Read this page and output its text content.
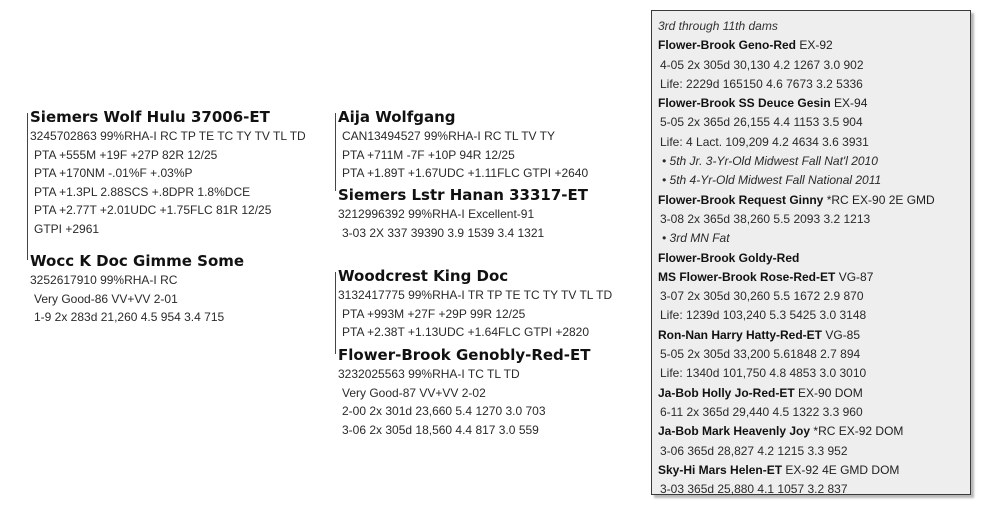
Siemers Wolf Hulu 37006-ET
3245702863 99%RHA-I RC TP TE TC TY TV TL TD
PTA +555M +19F +27P 82R 12/25
PTA +170NM -.01%F +.03%P
PTA +1.3PL 2.88SCS +.8DPR 1.8%DCE
PTA +2.77T +2.01UDC +1.75FLC 81R 12/25
GTPI +2961
Wocc K Doc Gimme Some
3252617910 99%RHA-I RC
Very Good-86 VV+VV 2-01
1-9 2x 283d 21,260 4.5 954 3.4 715
Aija Wolfgang
CAN13494527 99%RHA-I RC TL TV TY
PTA +711M -7F +10P 94R 12/25
PTA +1.89T +1.67UDC +1.11FLC GTPI +2640
Siemers Lstr Hanan 33317-ET
3212996392 99%RHA-I Excellent-91
3-03 2X 337 39390 3.9 1539 3.4 1321
Woodcrest King Doc
3132417775 99%RHA-I TR TP TE TC TY TV TL TD
PTA +993M +27F +29P 99R 12/25
PTA +2.38T +1.13UDC +1.64FLC GTPI +2820
Flower-Brook Genobly-Red-ET
3232025563 99%RHA-I TC TL TD
Very Good-87 VV+VV 2-02
2-00 2x 301d 23,660 5.4 1270 3.0 703
3-06 2x 305d 18,560 4.4 817 3.0 559
3rd through 11th dams
Flower-Brook Geno-Red EX-92
4-05 2x 305d 30,130 4.2 1267 3.0 902
Life: 2229d 165150 4.6 7673 3.2 5336
Flower-Brook SS Deuce Gesin EX-94
5-05 2x 365d 26,155 4.4 1153 3.5 904
Life: 4 Lact. 109,209 4.2 4634 3.6 3931
• 5th Jr. 3-Yr-Old Midwest Fall Nat'l 2010
• 5th 4-Yr-Old Midwest Fall National 2011
Flower-Brook Request Ginny *RC EX-90 2E GMD
3-08 2x 365d 38,260 5.5 2093 3.2 1213
• 3rd MN Fat
Flower-Brook Goldy-Red
MS Flower-Brook Rose-Red-ET VG-87
3-07 2x 305d 30,260 5.5 1672 2.9 870
Life: 1239d 103,240 5.3 5425 3.0 3148
Ron-Nan Harry Hatty-Red-ET VG-85
5-05 2x 305d 33,200 5.61848 2.7 894
Life: 1340d 101,750 4.8 4853 3.0 3010
Ja-Bob Holly Jo-Red-ET EX-90 DOM
6-11 2x 365d 29,440 4.5 1322 3.3 960
Ja-Bob Mark Heavenly Joy *RC EX-92 DOM
3-06 365d 28,827 4.2 1215 3.3 952
Sky-Hi Mars Helen-ET EX-92 4E GMD DOM
3-03 365d 25,880 4.1 1057 3.2 837
